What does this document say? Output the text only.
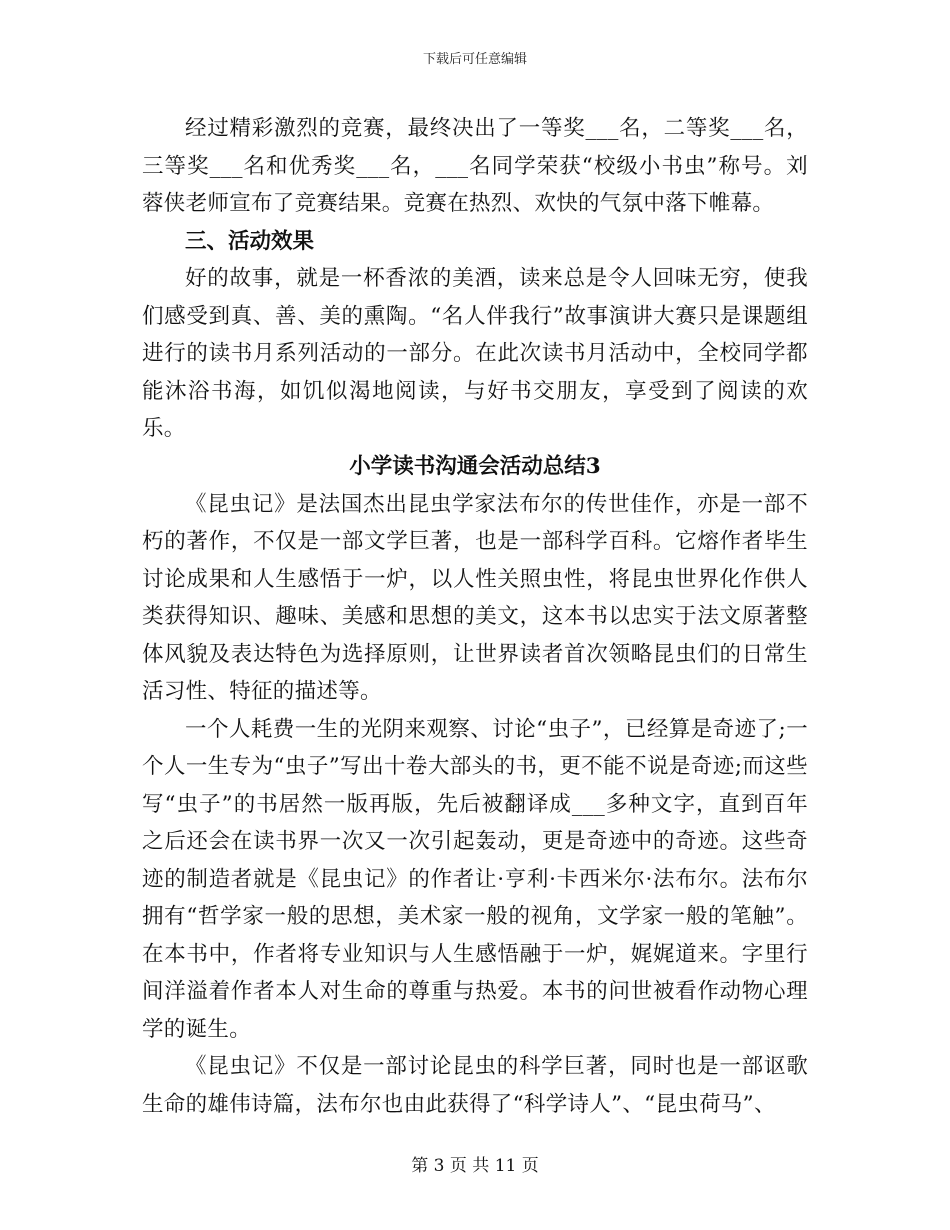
下载后可任意编辑

经过精彩激烈的竞赛，最终决出了一等奖___名，二等奖___名，三等奖___名和优秀奖___名，___名同学荣获“校级小书虫”称号。刘蓉侠老师宣布了竞赛结果。竞赛在热烈、欢快的气氛中落下帷幕。

三、活动效果

好的故事，就是一杯香浓的美酒，读来总是令人回味无穷，使我们感受到真、善、美的熏陶。“名人伴我行”故事演讲大赛只是课题组进行的读书月系列活动的一部分。在此次读书月活动中，全校同学都能沐浴书海，如饥似渴地阅读，与好书交朋友，享受到了阅读的欢乐。

小学读书沟通会活动总结3

《昆虫记》是法国杰出昆虫学家法布尔的传世佳作，亦是一部不朽的著作，不仅是一部文学巨著，也是一部科学百科。它熔作者毕生讨论成果和人生感悟于一炉，以人性关照虫性，将昆虫世界化作供人类获得知识、趣味、美感和思想的美文，这本书以忠实于法文原著整体风貌及表达特色为选择原则，让世界读者首次领略昆虫们的日常生活习性、特征的描述等。

一个人耗费一生的光阴来观察、讨论“虫子”，已经算是奇迹了;一个人一生专为“虫子”写出十卷大部头的书，更不能不说是奇迹;而这些写“虫子”的书居然一版再版，先后被翻译成___多种文字，直到百年之后还会在读书界一次又一次引起轰动，更是奇迹中的奇迹。这些奇迹的制造者就是《昆虫记》的作者让·亨利·卡西米尔·法布尔。法布尔拥有“哲学家一般的思想，美术家一般的视角，文学家一般的笔触”。在本书中，作者将专业知识与人生感悟融于一炉，娓娓道来。字里行间洋溢着作者本人对生命的尊重与热爱。本书的问世被看作动物心理学的诞生。

《昆虫记》不仅是一部讨论昆虫的科学巨著，同时也是一部讴歌生命的雄伟诗篇，法布尔也由此获得了“科学诗人”、“昆虫荷马”、

第 3 页 共 11 页
